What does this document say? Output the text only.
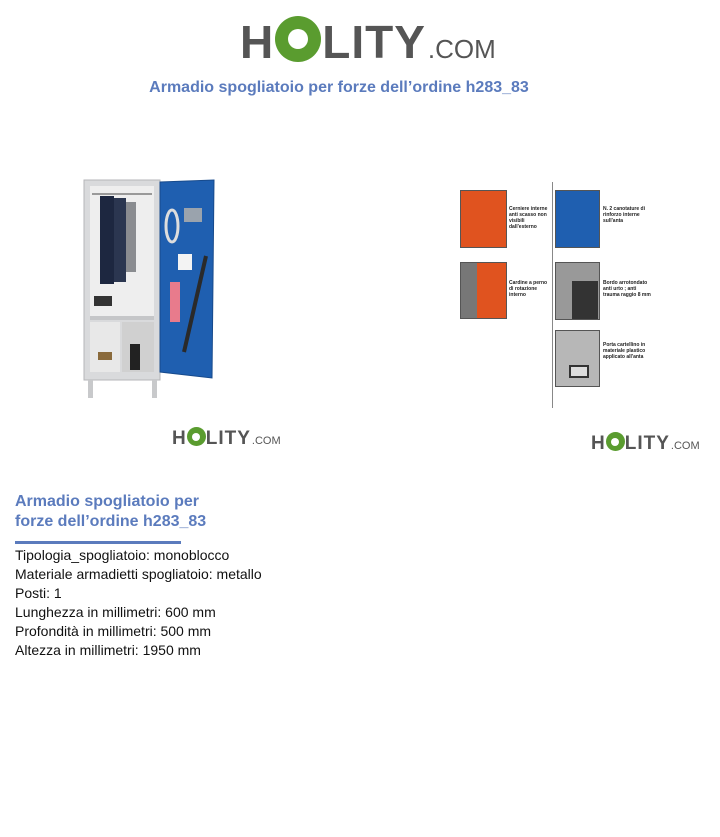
H LITY .COM
Armadio spogliatoio per forze dell’ordine h283_83
H LITY .COM
Cerniere interne anti scasso non visibili dall'esterno
Cardine a perno di rotazione interno
N. 2 canotature di rinforzo interne sull'anta
Bordo arrotondato anti urto ; anti trauma raggio 8 mm
Porta cartellino in materiale plastico applicato all'anta
H LITY .COM
Armadio spogliatoio per
forze dell’ordine h283_83
Tipologia_spogliatoio: monoblocco
Materiale armadietti spogliatoio: metallo
Posti: 1
Lunghezza in millimetri: 600 mm
Profondità in millimetri: 500 mm
Altezza in millimetri: 1950 mm
